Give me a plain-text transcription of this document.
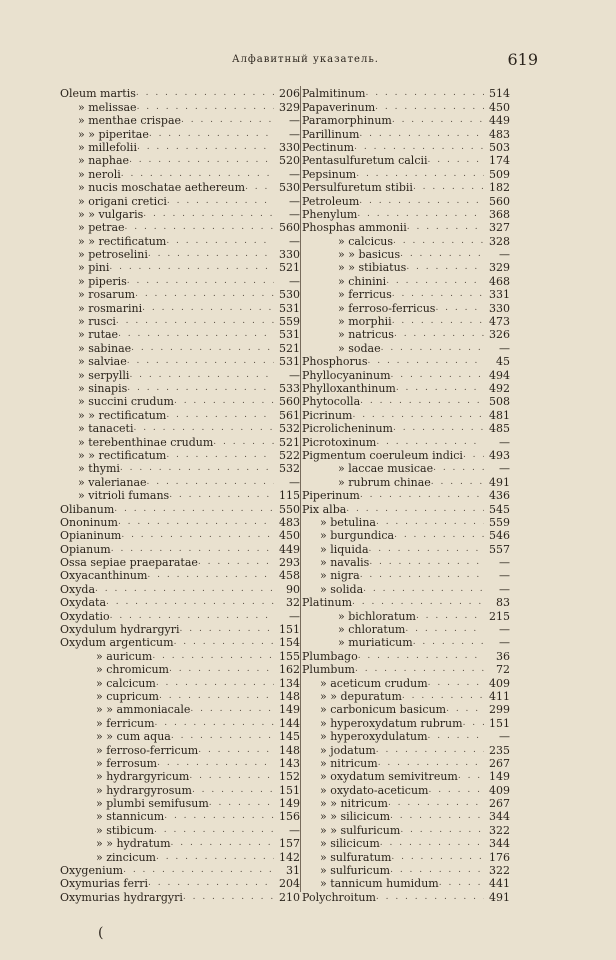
Алфавитный указатель.	619
Oleum martis . . .	206
» melissae . . .	329
» menthae crispae . . .	—
» » piperitae . . .	—
» millefolii . . .	330
» naphae . . .	520
» neroli . . .	—
» nucis moschatae aethereum . . .	530
» origani cretici . . .	—
» » vulgaris . . .	—
» petrae . . .	560
» » rectificatum . . .	—
» petroselini . . .	330
» pini . . .	521
» piperis . . .	—
» rosarum . . .	530
» rosmarini . . .	531
» rusci . . .	559
» rutae . . .	531
» sabinae . . .	521
» salviae . . .	531
» serpylli . . .	—
» sinapis . . .	533
» succini crudum . . .	560
» » rectificatum . . .	561
» tanaceti . . .	532
» terebenthinae crudum . . .	521
» » rectificatum . . .	522
» thymi . . .	532
» valerianae . . .	—
» vitrioli fumans . . .	115
Olibanum . . .	550
Ononinum . . .	483
Opianinum . . .	450
Opianum . . .	449
Ossa sepiae praeparatae . . .	293
Oxyacanthinum . . .	458
Oxyda . . .	90
Oxydata . . .	32
Oxydatio . . .	—
Oxydulum hydrargyri . . .	151
Oxydum argenticum . . .	154
» auricum . . .	155
» chromicum . . .	162
» calcicum . . .	134
» cupricum . . .	148
» » ammoniacale . . .	149
» ferricum . . .	144
» » cum aqua . . .	145
» ferroso-ferricum . . .	148
» ferrosum . . .	143
» hydrargyricum . . .	152
» hydrargyrosum . . .	151
» plumbi semifusum . . .	149
» stannicum . . .	156
» stibicum . . .	—
» » hydratum . . .	157
» zincicum . . .	142
Oxygenium . . .	31
Oxymurias ferri . . .	204
Oxymurias hydrargyri . . .	210
Palmitinum . . .	514
Papaverinum . . .	450
Paramorphinum . . .	449
Parillinum . . .	483
Pectinum . . .	503
Pentasulfuretum calcii . . .	174
Pepsinum . . .	509
Persulfuretum stibii . . .	182
Petroleum . . .	560
Phenylum . . .	368
Phosphas ammonii . . .	327
» calcicus . . .	328
» » basicus . . .	—
» » stibiatus . . .	329
» chinini . . .	468
» ferricus . . .	331
» ferroso-ferricus . . .	330
» morphii . . .	473
» natricus . . .	326
» sodae . . .	—
Phosphorus . . .	45
Phyllocyaninum . . .	494
Phylloxanthinum . . .	492
Phytocolla . . .	508
Picrinum . . .	481
Picrolicheninum . . .	485
Picrotoxinum . . .	—
Pigmentum coeruleum indici . . .	493
» laccae musicae . . .	—
» rubrum chinae . . .	491
Piperinum . . .	436
Pix alba . . .	545
» betulina . . .	559
» burgundica . . .	546
» liquida . . .	557
» navalis . . .	—
» nigra . . .	—
» solida . . .	—
Platinum . . .	83
» bichloratum . . .	215
» chloratum . . .	—
» muriaticum . . .	—
Plumbago . . .	36
Plumbum . . .	72
» aceticum crudum . . .	409
» » depuratum . . .	411
» carbonicum basicum . . .	299
» hyperoxydatum rubrum . . .	151
» hyperoxydulatum . . .	—
» jodatum . . .	235
» nitricum . . .	267
» oxydatum semivitreum . . .	149
» oxydato-aceticum . . .	409
» » nitricum . . .	267
» » silicicum . . .	344
» » sulfuricum . . .	322
» silicicum . . .	344
» sulfuratum . . .	176
» sulfuricum . . .	322
» tannicum humidum . . .	441
Polychroitum . . .	491
(
